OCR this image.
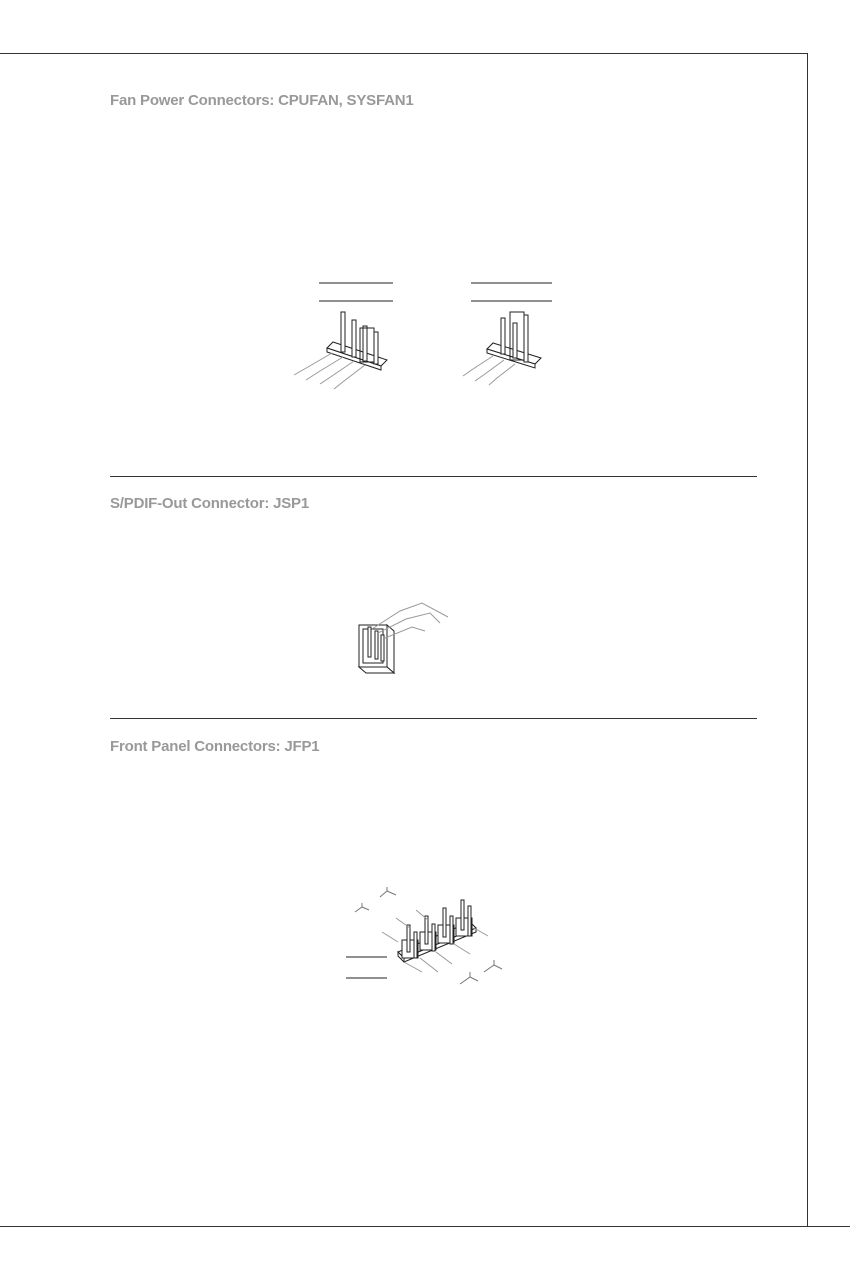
Fan Power Connectors: CPUFAN, SYSFAN1
S/PDIF-Out Connector: JSP1
Front Panel Connectors: JFP1
